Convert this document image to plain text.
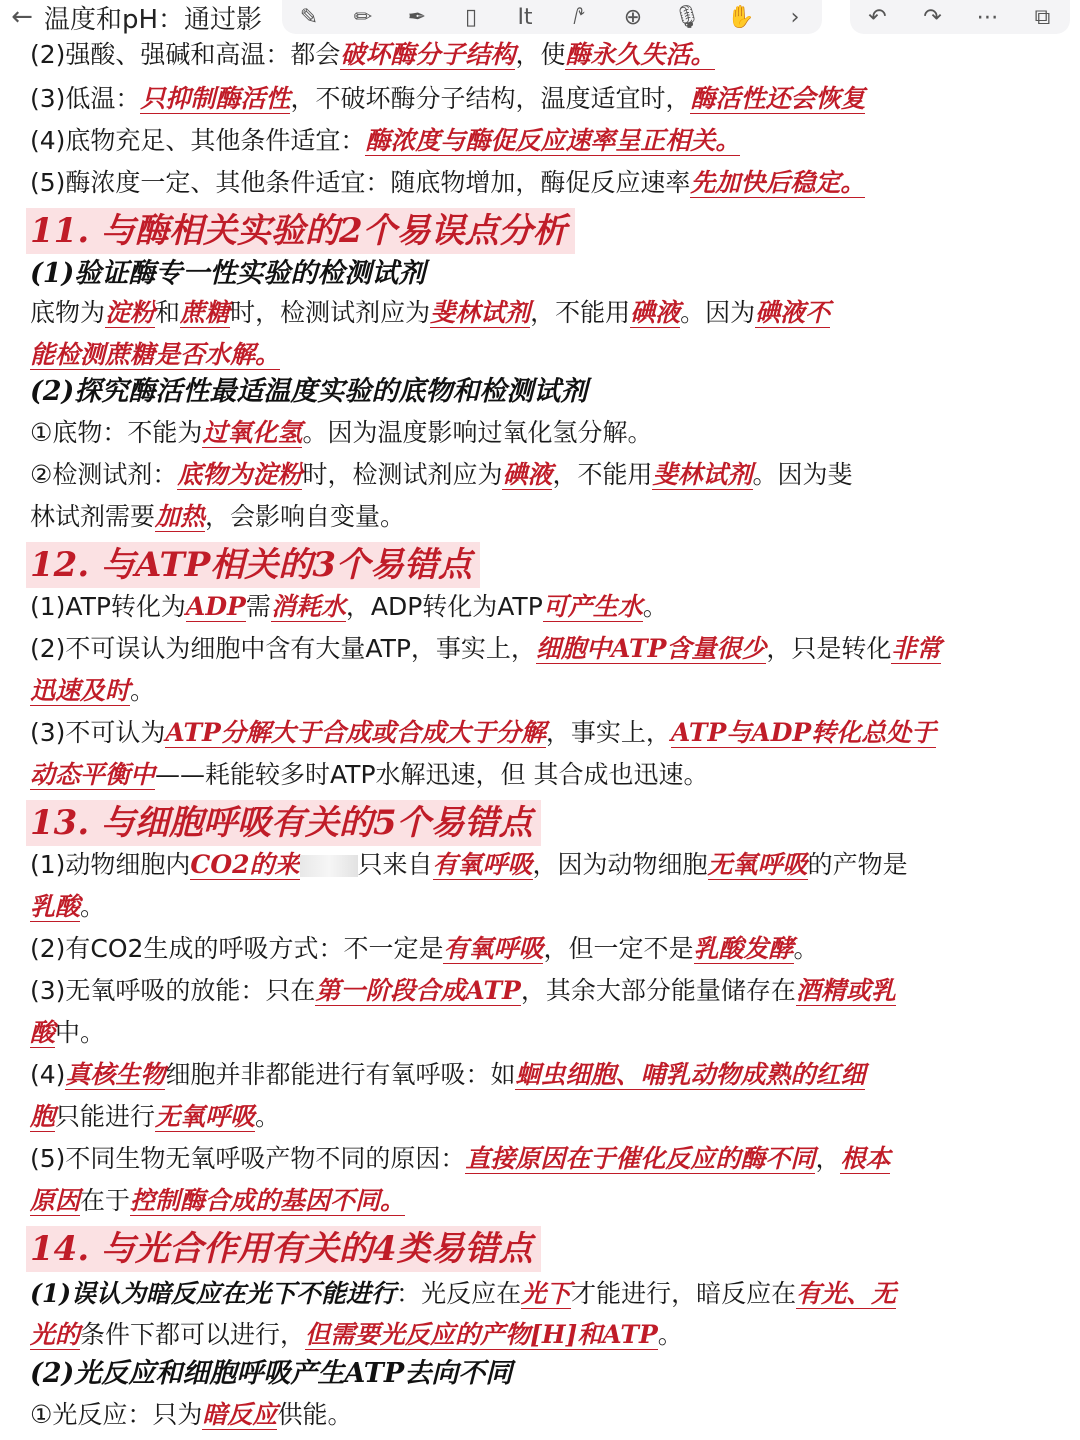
← 温度和pH：通过影	✎	✏	✒	▯	It	⭚	⊕	🎙 ✋	›	↶	↷	⋯	⧉
(2)强酸、强碱和高温：都会破坏酶分子结构，使酶永久失活。
(3)低温：只抑制酶活性，不破坏酶分子结构，温度适宜时，酶活性还会恢复
(4)底物充足、其他条件适宜：酶浓度与酶促反应速率呈正相关。
(5)酶浓度一定、其他条件适宜：随底物增加，酶促反应速率先加快后稳定。
11. 与酶相关实验的2个易误点分析
(1)验证酶专一性实验的检测试剂
底物为淀粉和蔗糖时，检测试剂应为斐林试剂，不能用碘液。因为碘液不
能检测蔗糖是否水解。
(2)探究酶活性最适温度实验的底物和检测试剂
①底物：不能为过氧化氢。因为温度影响过氧化氢分解。
②检测试剂：底物为淀粉时，检测试剂应为碘液，不能用斐林试剂。因为斐
林试剂需要加热，会影响自变量。
12. 与ATP相关的3个易错点
(1)ATP转化为ADP需消耗水，ADP转化为ATP可产生水。
(2)不可误认为细胞中含有大量ATP，事实上，细胞中ATP含量很少，只是转化非常
迅速及时。
(3)不可认为ATP分解大于合成或合成大于分解，事实上，ATP与ADP转化总处于
动态平衡中——耗能较多时ATP水解迅速，但 其合成也迅速。
13. 与细胞呼吸有关的5个易错点
(1)动物细胞内CO2的来 只来自有氧呼吸，因为动物细胞无氧呼吸的产物是
乳酸。
(2)有CO2生成的呼吸方式：不一定是有氧呼吸，但一定不是乳酸发酵。
(3)无氧呼吸的放能：只在第一阶段合成ATP，其余大部分能量储存在酒精或乳
酸中。
(4)真核生物细胞并非都能进行有氧呼吸：如蛔虫细胞、哺乳动物成熟的红细
胞只能进行无氧呼吸。
(5)不同生物无氧呼吸产物不同的原因：直接原因在于催化反应的酶不同，根本
原因在于控制酶合成的基因不同。
14. 与光合作用有关的4类易错点
(1)误认为暗反应在光下不能进行：光反应在光下才能进行，暗反应在有光、无
光的条件下都可以进行，但需要光反应的产物[H]和ATP。
(2)光反应和细胞呼吸产生ATP去向不同
①光反应：只为暗反应供能。
